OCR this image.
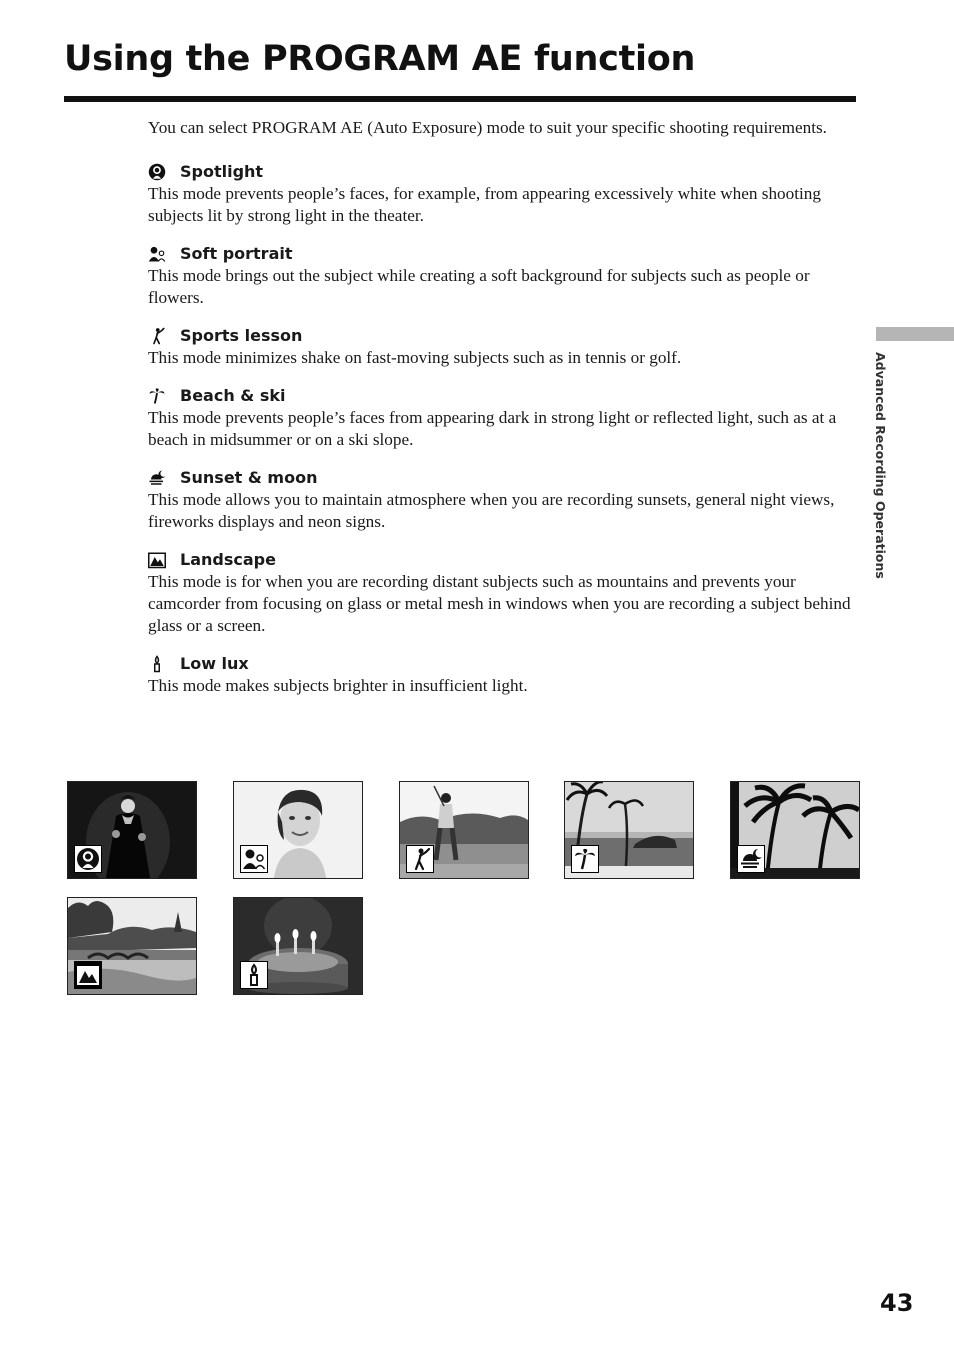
Using the PROGRAM AE function

You can select PROGRAM AE (Auto Exposure) mode to suit your specific shooting requirements.

Spotlight

This mode prevents people’s faces, for example, from appearing excessively white when shooting subjects lit by strong light in the theater.

Soft portrait

This mode brings out the subject while creating a soft background for subjects such as people or flowers.

Sports lesson

This mode minimizes shake on fast-moving subjects such as in tennis or golf.

Beach & ski

This mode prevents people’s faces from appearing dark in strong light or reflected light, such as at a beach in midsummer or on a ski slope.

Sunset & moon

This mode allows you to maintain atmosphere when you are recording sunsets, general night views, fireworks displays and neon signs.

Landscape

This mode is for when you are recording distant subjects such as mountains and prevents your camcorder from focusing on glass or metal mesh in windows when you are recording a subject behind glass or a screen.

Low lux

This mode makes subjects brighter in insufficient light.

Advanced Recording Operations
43
